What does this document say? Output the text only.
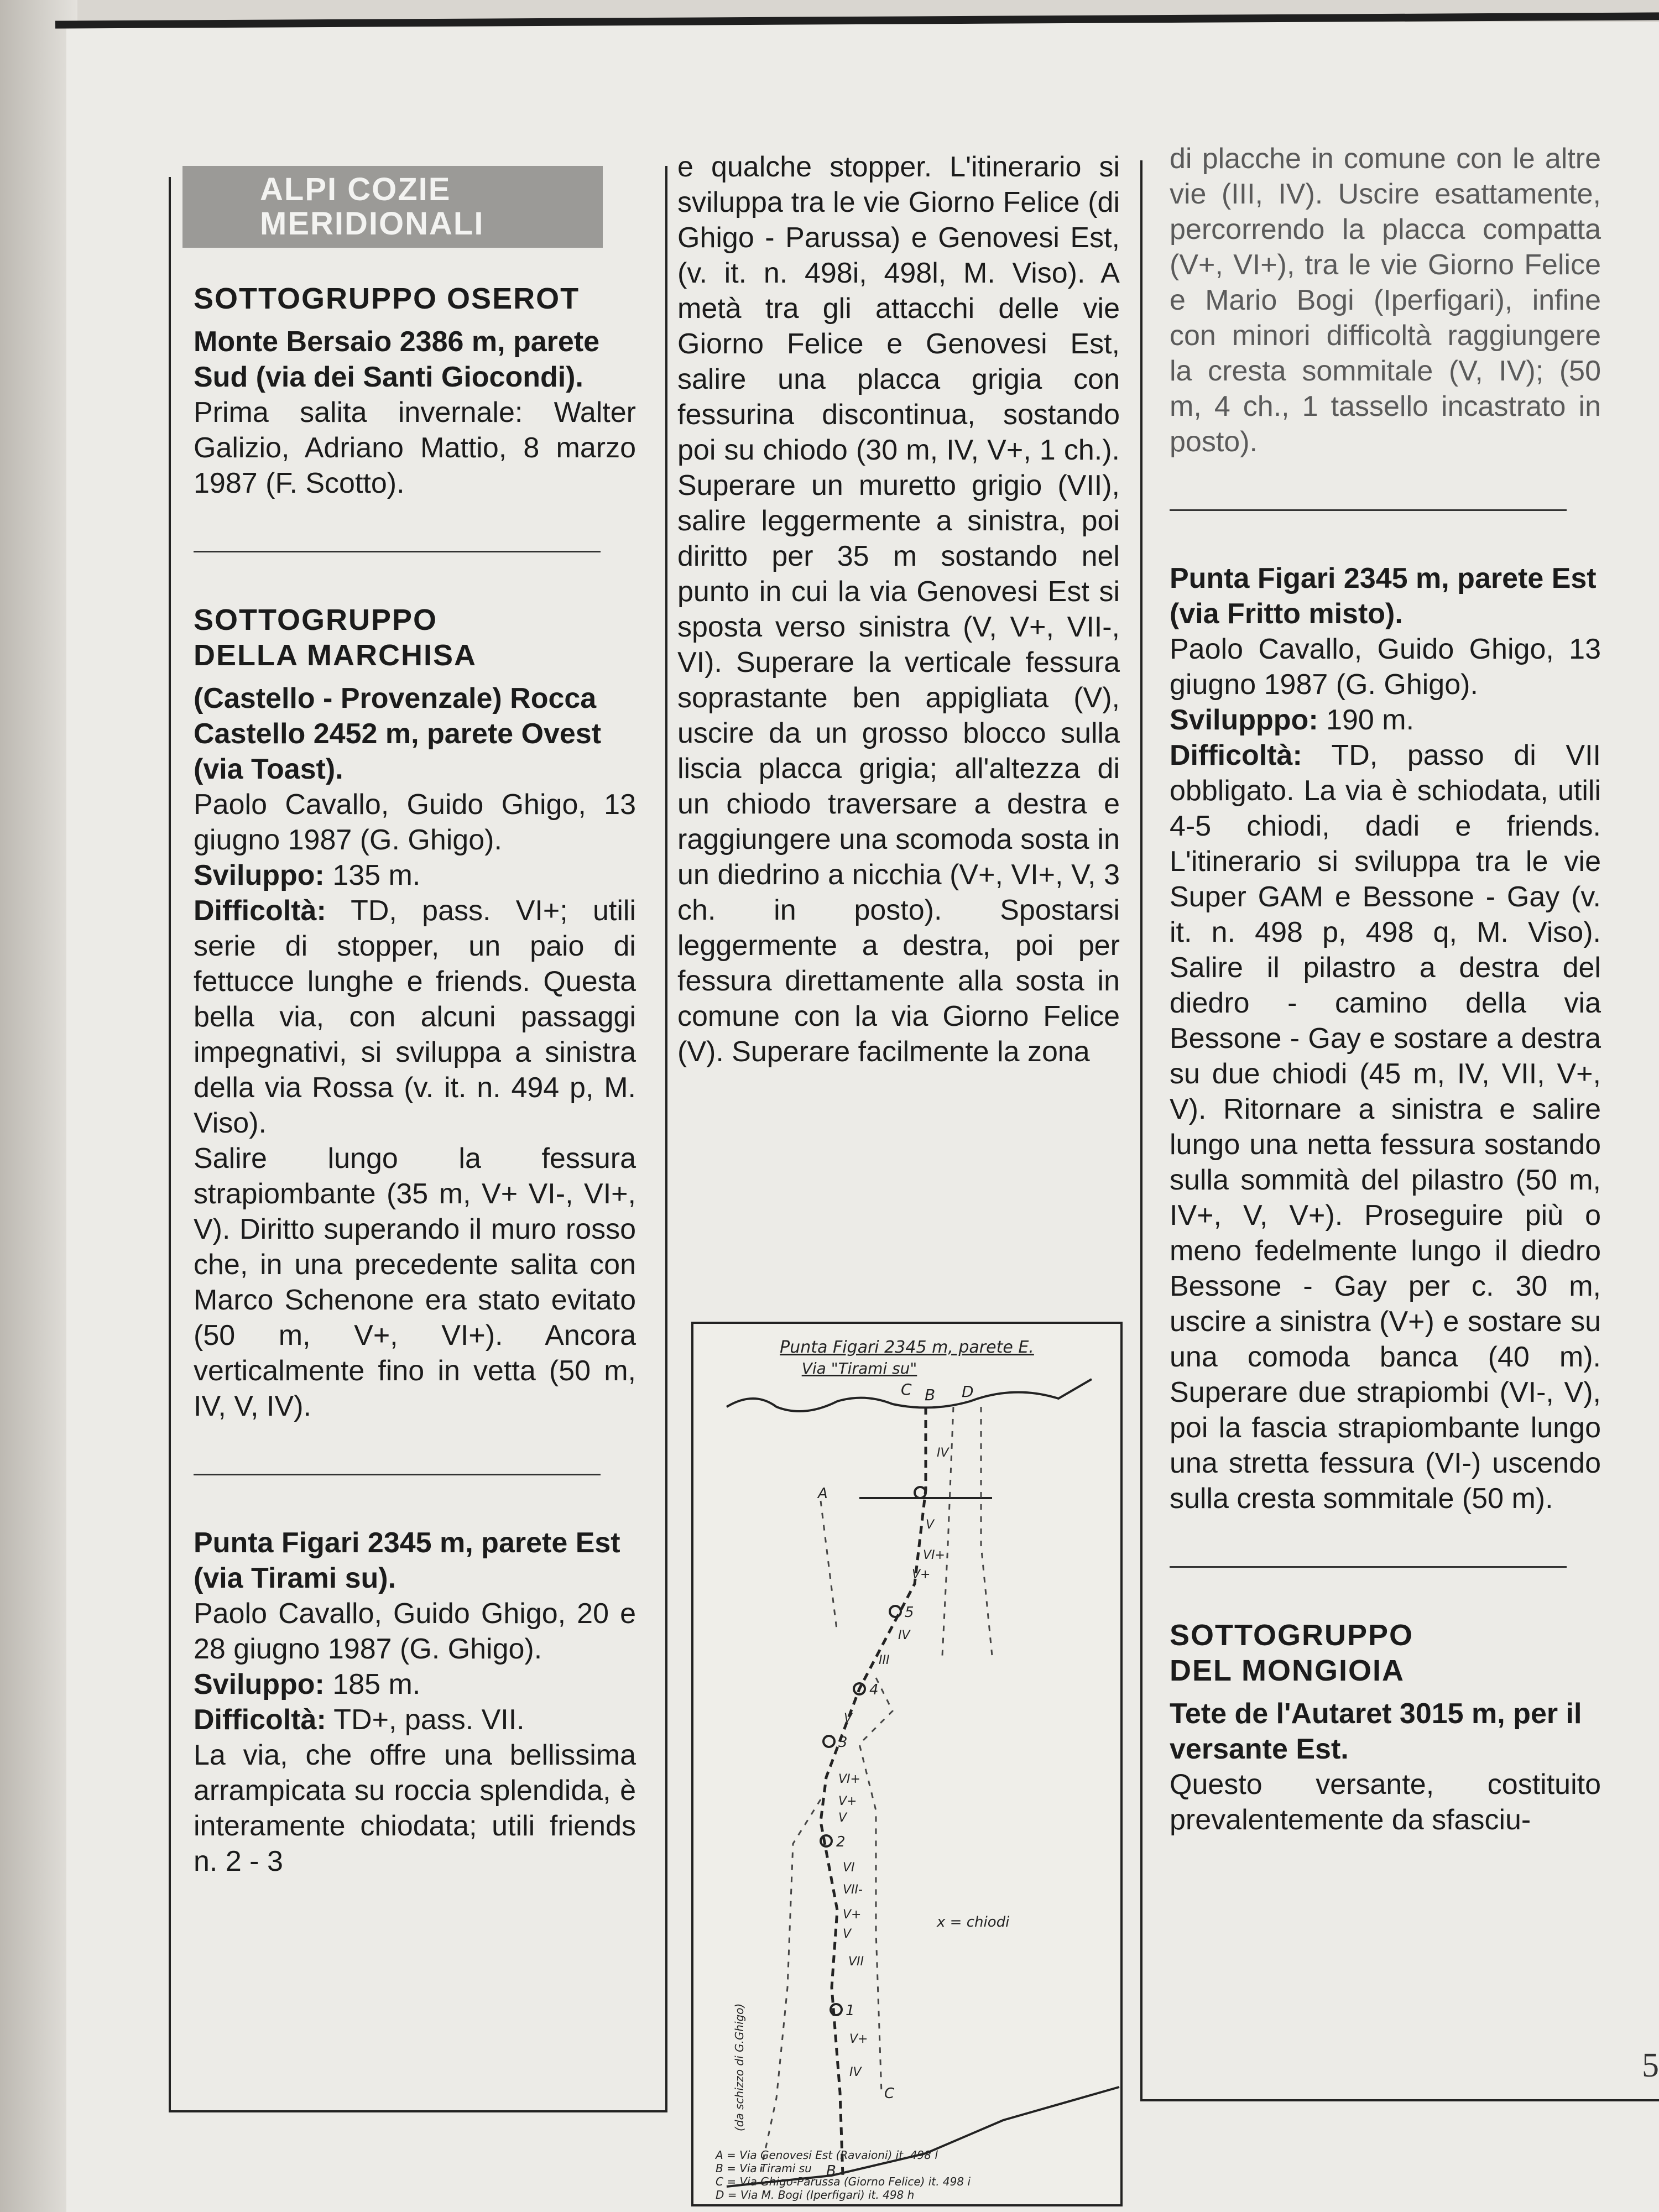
ALPI COZIE
MERIDIONALI
SOTTOGRUPPO OSEROT

Monte Bersaio 2386 m, parete Sud (via dei Santi Giocondi).

Prima salita invernale: Walter Galizio, Adriano Mattio, 8 marzo 1987 (F. Scotto).

SOTTOGRUPPO
DELLA MARCHISA

(Castello - Provenzale) Rocca Castello 2452 m, parete Ovest (via Toast).

Paolo Cavallo, Guido Ghigo, 13 giugno 1987 (G. Ghigo).

Sviluppo: 135 m.

Difficoltà: TD, pass. VI+; utili serie di stopper, un paio di fettucce lunghe e friends. Questa bella via, con alcuni passaggi impegnativi, si sviluppa a sinistra della via Rossa (v. it. n. 494 p, M. Viso).

Salire lungo la fessura strapiombante (35 m, V+ VI-, VI+, V). Diritto superando il muro rosso che, in una precedente salita con Marco Schenone era stato evitato (50 m, V+, VI+). Ancora verticalmente fino in vetta (50 m, IV, V, IV).

Punta Figari 2345 m, parete Est (via Tirami su).

Paolo Cavallo, Guido Ghigo, 20 e 28 giugno 1987 (G. Ghigo).

Sviluppo: 185 m.

Difficoltà: TD+, pass. VII.

La via, che offre una bellissima arrampicata su roccia splendida, è interamente chiodata; utili friends n. 2 - 3

e qualche stopper. L'itinerario si sviluppa tra le vie Giorno Felice (di Ghigo - Parussa) e Genovesi Est, (v. it. n. 498i, 498l, M. Viso). A metà tra gli attacchi delle vie Giorno Felice e Genovesi Est, salire una placca grigia con fessurina discontinua, sostando poi su chiodo (30 m, IV, V+, 1 ch.). Superare un muretto grigio (VII), salire leggermente a sinistra, poi diritto per 35 m sostando nel punto in cui la via Genovesi Est si sposta verso sinistra (V, V+, VII-, VI). Superare la verticale fessura soprastante ben appigliata (V), uscire da un grosso blocco sulla liscia placca grigia; all'altezza di un chiodo traversare a destra e raggiungere una scomoda sosta in un diedrino a nicchia (V+, VI+, V, 3 ch. in posto). Spostarsi leggermente a destra, poi per fessura direttamente alla sosta in comune con la via Giorno Felice (V). Superare facilmente la zona

Punta Figari 2345 m, parete E.
Via "Tirami su"
C B D
A
5
4
3
2
1
IV
V
VI+
V+
IV
III
V
VI+
V+
V
VI
VII-
V+
V
VII
V+
IV
x = chiodi
(da schizzo di G.Ghigo)
B
C
A = Via Genovesi Est (Ravaioni) it. 498 l
B = Via Tirami su
C = Via Ghigo-Parussa (Giorno Felice) it. 498 i
D = Via M. Bogi (Iperfigari) it. 498 h

di placche in comune con le altre vie (III, IV). Uscire esattamente, percorrendo la placca compatta (V+, VI+), tra le vie Giorno Felice e Mario Bogi (Iperfigari), infine con minori difficoltà raggiungere la cresta sommitale (V, IV); (50 m, 4 ch., 1 tassello incastrato in posto).

Punta Figari 2345 m, parete Est (via Fritto misto).

Paolo Cavallo, Guido Ghigo, 13 giugno 1987 (G. Ghigo).

Svilupppo: 190 m.

Difficoltà: TD, passo di VII obbligato. La via è schiodata, utili 4-5 chiodi, dadi e friends. L'itinerario si sviluppa tra le vie Super GAM e Bessone - Gay (v. it. n. 498 p, 498 q, M. Viso). Salire il pilastro a destra del diedro - camino della via Bessone - Gay e sostare a destra su due chiodi (45 m, IV, VII, V+, V). Ritornare a sinistra e salire lungo una netta fessura sostando sulla sommità del pilastro (50 m, IV+, V, V+). Proseguire più o meno fedelmente lungo il diedro Bessone - Gay per c. 30 m, uscire a sinistra (V+) e sostare su una comoda banca (40 m). Superare due strapiombi (VI-, V), poi la fascia strapiombante lungo una stretta fessura (VI-) uscendo sulla cresta sommitale (50 m).

SOTTOGRUPPO
DEL MONGIOIA

Tete de l'Autaret 3015 m, per il versante Est.

Questo versante, costituito prevalentemente da sfasciu-

5
